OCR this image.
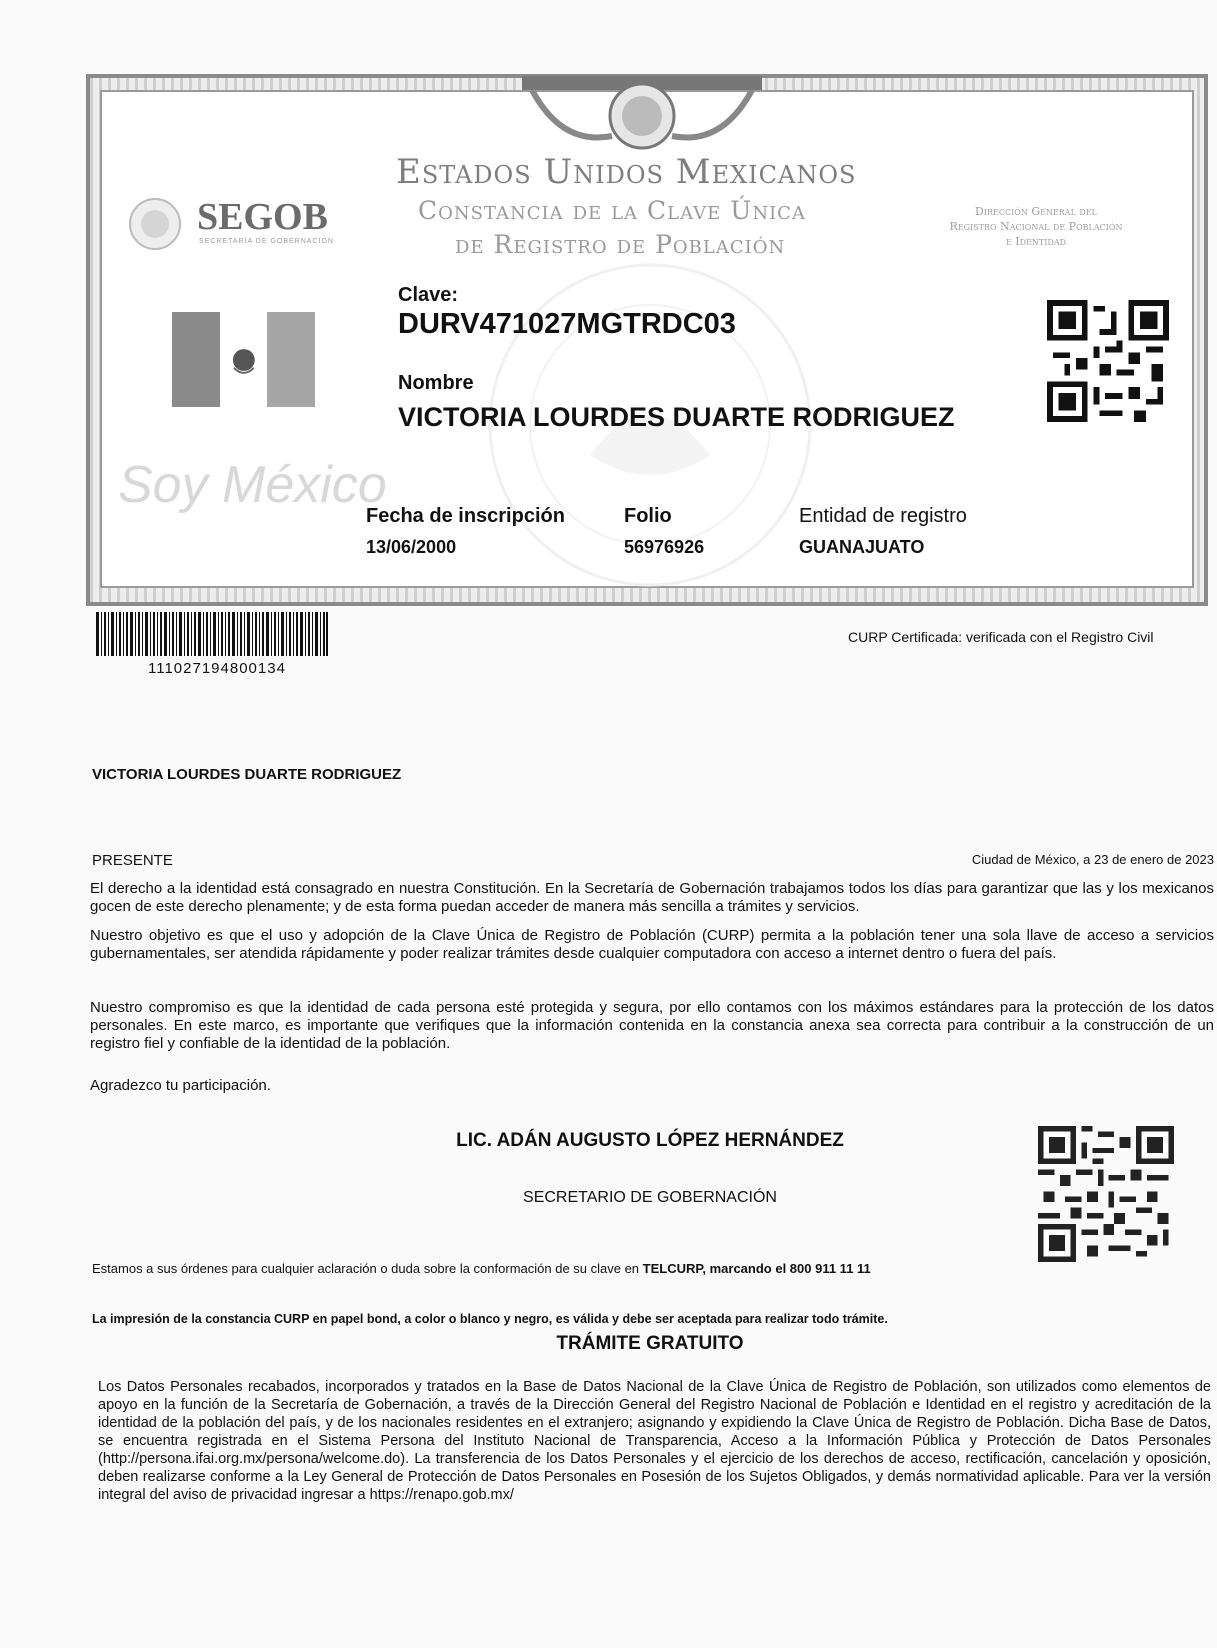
Estados Unidos Mexicanos
Constancia de la Clave Única
de Registro de Población
Dirección General del
Registro Nacional de Población
e Identidad
SEGOB
SECRETARÍA DE GOBERNACIÓN
Soy México
Clave:
DURV471027MGTRDC03
Nombre
VICTORIA LOURDES DUARTE RODRIGUEZ
Fecha de inscripción
13/06/2000
Folio
56976926
Entidad de registro
GUANAJUATO
111027194800134
CURP Certificada: verificada con el Registro Civil
VICTORIA LOURDES DUARTE RODRIGUEZ
PRESENTE	Ciudad de México, a 23 de enero de 2023
El derecho a la identidad está consagrado en nuestra Constitución. En la Secretaría de Gobernación trabajamos todos los días para garantizar que las y los mexicanos gocen de este derecho plenamente; y de esta forma puedan acceder de manera más sencilla a trámites y servicios.
Nuestro objetivo es que el uso y adopción de la Clave Única de Registro de Población (CURP) permita a la población tener una sola llave de acceso a servicios gubernamentales, ser atendida rápidamente y poder realizar trámites desde cualquier computadora con acceso a internet dentro o fuera del país.
Nuestro compromiso es que la identidad de cada persona esté protegida y segura, por ello contamos con los máximos estándares para la protección de los datos personales. En este marco, es importante que verifiques que la información contenida en la constancia anexa sea correcta para contribuir a la construcción de un registro fiel y confiable de la identidad de la población.
Agradezco tu participación.
LIC. ADÁN AUGUSTO LÓPEZ HERNÁNDEZ
SECRETARIO DE GOBERNACIÓN
Estamos a sus órdenes para cualquier aclaración o duda sobre la conformación de su clave en TELCURP, marcando el 800 911 11 11
La impresión de la constancia CURP en papel bond, a color o blanco y negro, es válida y debe ser aceptada para realizar todo trámite.
TRÁMITE GRATUITO
Los Datos Personales recabados, incorporados y tratados en la Base de Datos Nacional de la Clave Única de Registro de Población, son utilizados como elementos de apoyo en la función de la Secretaría de Gobernación, a través de la Dirección General del Registro Nacional de Población e Identidad en el registro y acreditación de la identidad de la población del país, y de los nacionales residentes en el extranjero; asignando y expidiendo la Clave Única de Registro de Población. Dicha Base de Datos, se encuentra registrada en el Sistema Persona del Instituto Nacional de Transparencia, Acceso a la Información Pública y Protección de Datos Personales (http://persona.ifai.org.mx/persona/welcome.do). La transferencia de los Datos Personales y el ejercicio de los derechos de acceso, rectificación, cancelación y oposición, deben realizarse conforme a la Ley General de Protección de Datos Personales en Posesión de los Sujetos Obligados, y demás normatividad aplicable. Para ver la versión integral del aviso de privacidad ingresar a https://renapo.gob.mx/
